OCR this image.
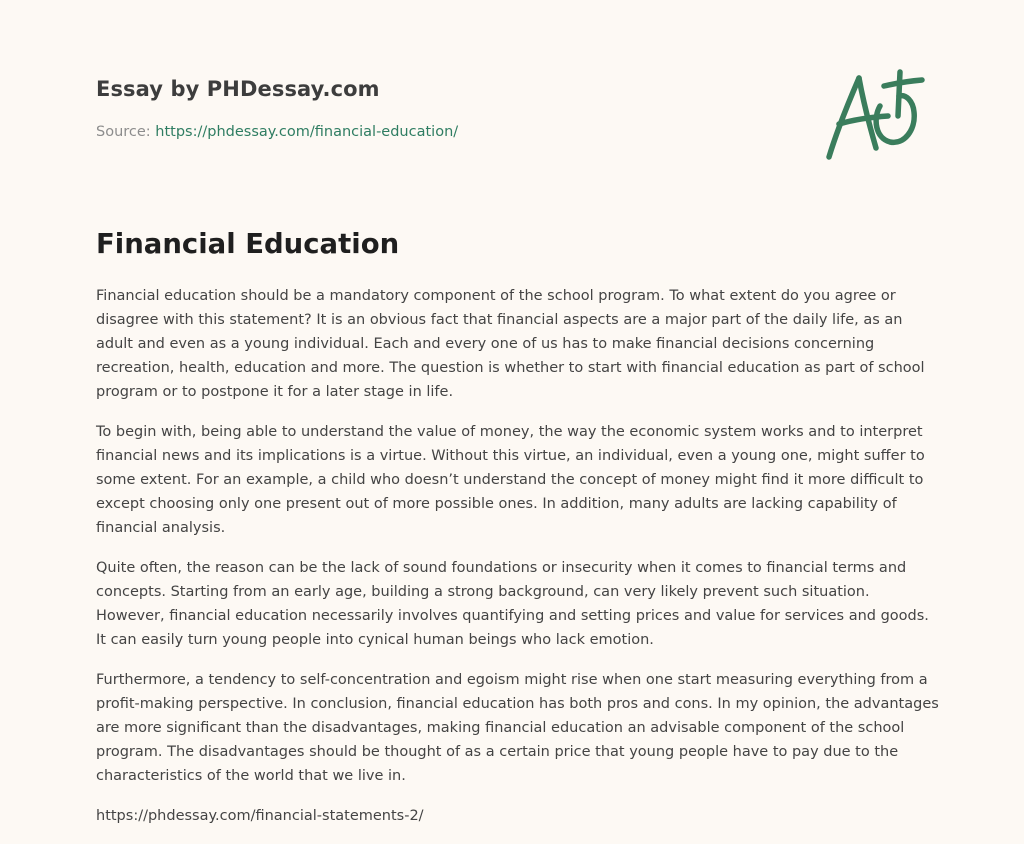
Essay by PHDessay.com
Source: https://phdessay.com/financial-education/
Financial Education

Financial education should be a mandatory component of the school program. To what extent do you agree or disagree with this statement? It is an obvious fact that financial aspects are a major part of the daily life, as an adult and even as a young individual. Each and every one of us has to make financial decisions concerning recreation, health, education and more. The question is whether to start with financial education as part of school program or to postpone it for a later stage in life.

To begin with, being able to understand the value of money, the way the economic system works and to interpret financial news and its implications is a virtue. Without this virtue, an individual, even a young one, might suffer to some extent. For an example, a child who doesn’t understand the concept of money might find it more difficult to except choosing only one present out of more possible ones. In addition, many adults are lacking capability of financial analysis.

Quite often, the reason can be the lack of sound foundations or insecurity when it comes to financial terms and concepts. Starting from an early age, building a strong background, can very likely prevent such situation. However, financial education necessarily involves quantifying and setting prices and value for services and goods. It can easily turn young people into cynical human beings who lack emotion.

Furthermore, a tendency to self-concentration and egoism might rise when one start measuring everything from a profit-making perspective. In conclusion, financial education has both pros and cons. In my opinion, the advantages are more significant than the disadvantages, making financial education an advisable component of the school program. The disadvantages should be thought of as a certain price that young people have to pay due to the characteristics of the world that we live in.

https://phdessay.com/financial-statements-2/
